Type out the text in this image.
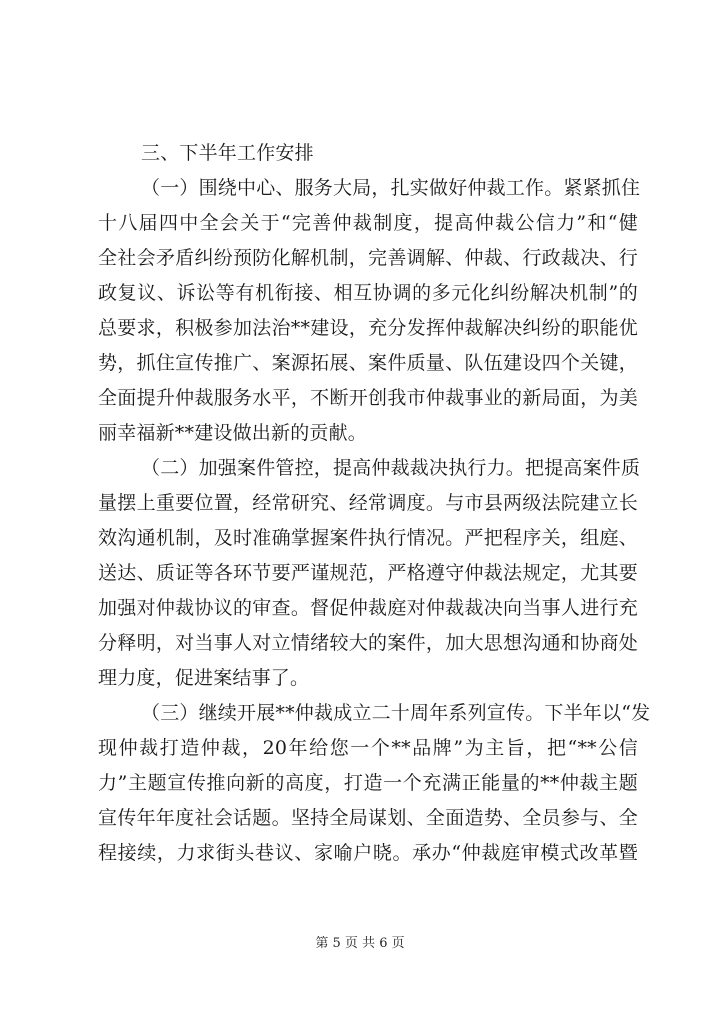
三、下半年工作安排
（一）围绕中心、服务大局，扎实做好仲裁工作。紧紧抓住
十八届四中全会关于“完善仲裁制度，提高仲裁公信力”和“健
全社会矛盾纠纷预防化解机制，完善调解、仲裁、行政裁决、行
政复议、诉讼等有机衔接、相互协调的多元化纠纷解决机制”的
总要求，积极参加法治**建设，充分发挥仲裁解决纠纷的职能优
势，抓住宣传推广、案源拓展、案件质量、队伍建设四个关键，
全面提升仲裁服务水平，不断开创我市仲裁事业的新局面，为美
丽幸福新**建设做出新的贡献。
（二）加强案件管控，提高仲裁裁决执行力。把提高案件质
量摆上重要位置，经常研究、经常调度。与市县两级法院建立长
效沟通机制，及时准确掌握案件执行情况。严把程序关，组庭、
送达、质证等各环节要严谨规范，严格遵守仲裁法规定，尤其要
加强对仲裁协议的审查。督促仲裁庭对仲裁裁决向当事人进行充
分释明，对当事人对立情绪较大的案件，加大思想沟通和协商处
理力度，促进案结事了。
（三）继续开展**仲裁成立二十周年系列宣传。下半年以“发
现仲裁打造仲裁，20年给您一个**品牌”为主旨，把“**公信
力”主题宣传推向新的高度，打造一个充满正能量的**仲裁主题
宣传年年度社会话题。坚持全局谋划、全面造势、全员参与、全
程接续，力求街头巷议、家喻户晓。承办“仲裁庭审模式改革暨
第 5 页 共 6 页
